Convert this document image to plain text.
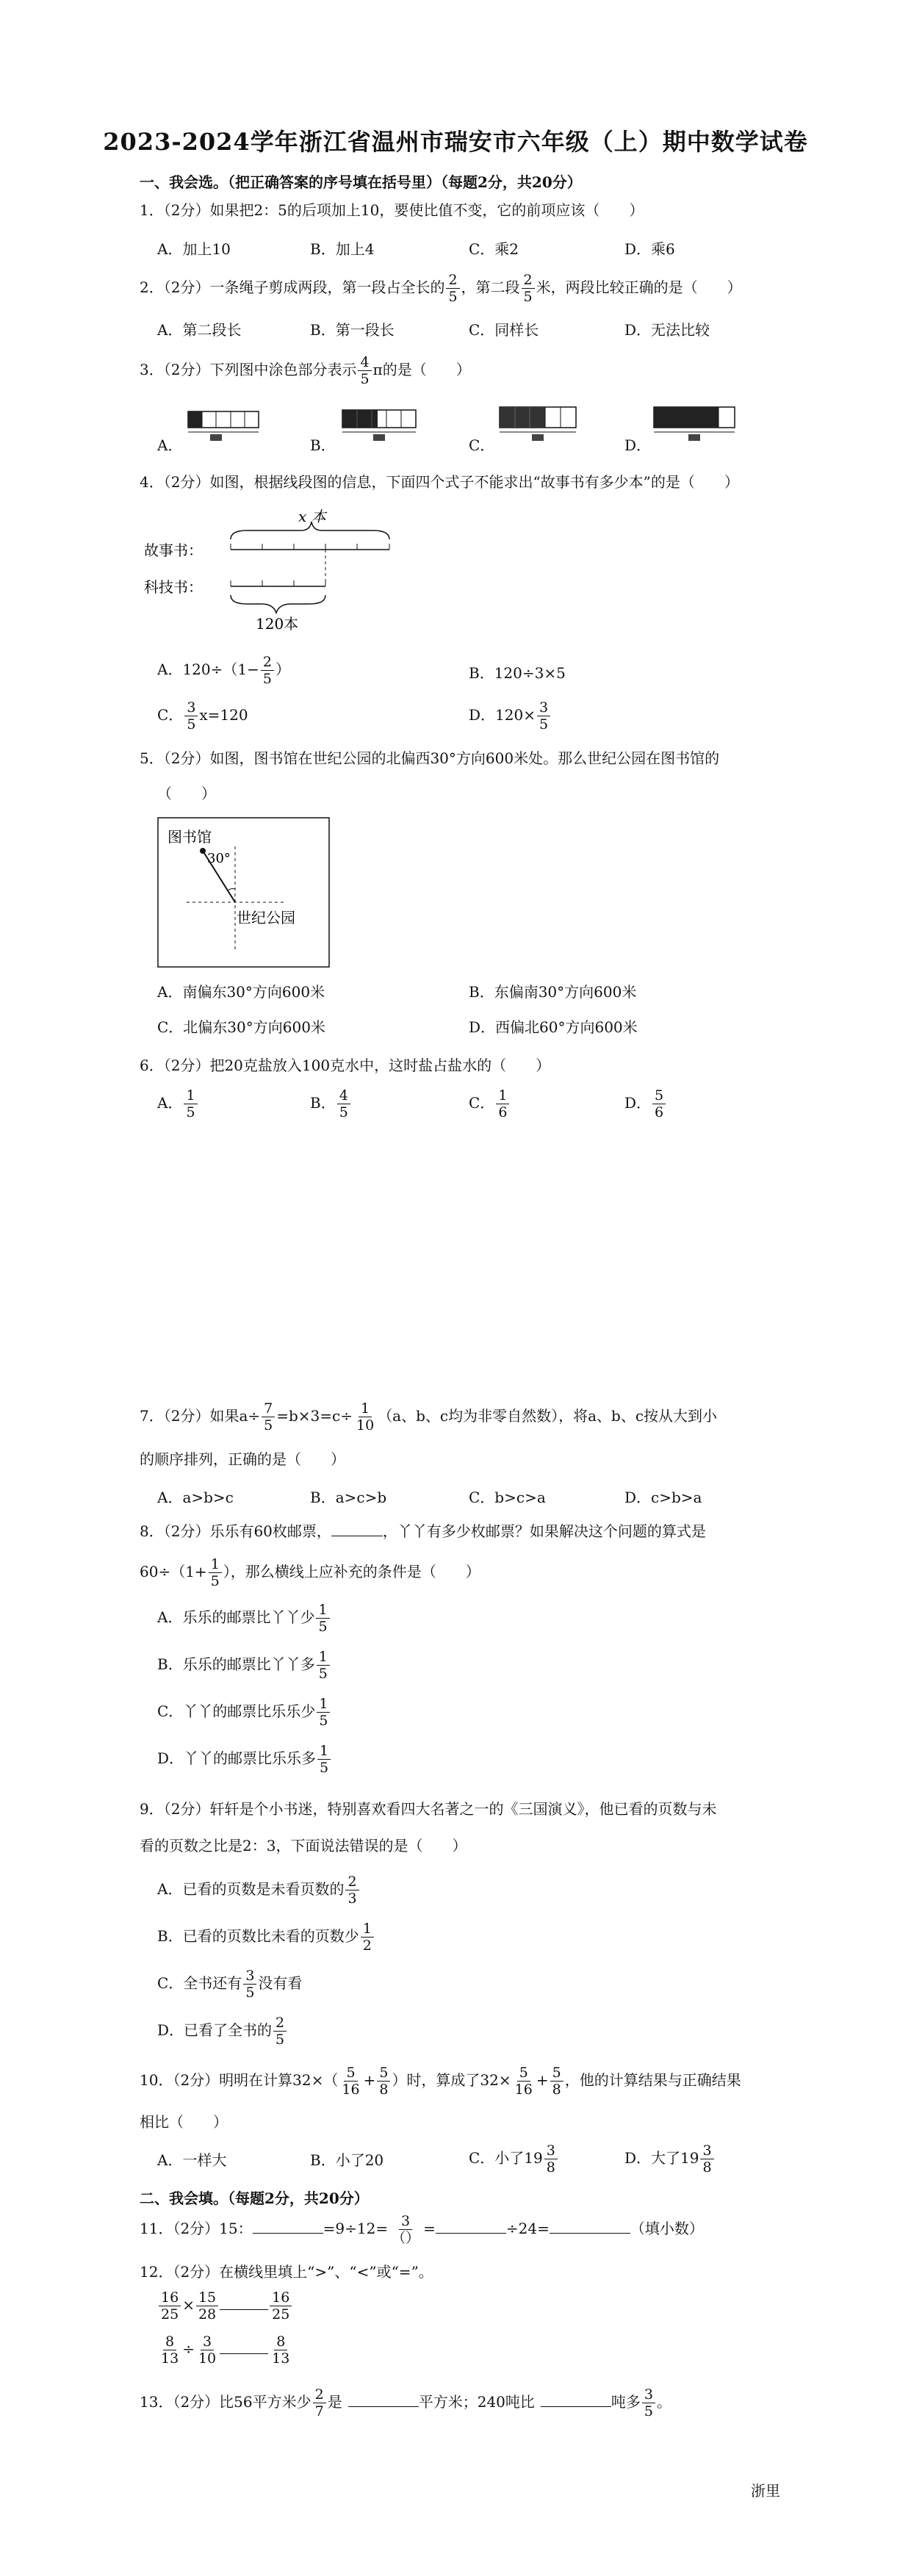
2023-2024学年浙江省温州市瑞安市六年级（上）期中数学试卷
一、我会选。（把正确答案的序号填在括号里）（每题2分，共20分）
1．（2分）如果把2：5的后项加上10，要使比值不变，它的前项应该（　　）
A．加上10	B．加上4	C．乘2	D．乘6
2．（2分）一条绳子剪成两段，第一段占全长的 $\frac{2}{5}$ ，第二段 $\frac{2}{5}$ 米，两段比较正确的是（　　）
A．第二段长	B．第一段长	C．同样长	D．无法比较
3．（2分）下列图中涂色部分表示 $\frac{4}{5}$ π的是（　　）
A．	B．	C．	D．
4．（2分）如图，根据线段图的信息，下面四个式子不能求出“故事书有多少本”的是（　　）
x 本
故事书：
科技书：
120本
A．$120\div(1- \frac{2}{5}$ ）	B．120÷3×5
C． $\frac{3}{5} x=120$	D．$120\times \frac{3}{5}$
5．（2分）如图，图书馆在世纪公园的北偏西30°方向600米处。那么世纪公园在图书馆的
（　　）
图书馆
30°
世纪公园
A．南偏东30°方向600米	B．东偏南30°方向600米
C．北偏东30°方向600米	D．西偏北60°方向600米
6．（2分）把20克盐放入100克水中，这时盐占盐水的（　　）
A． $\frac{1}{5}$	B． $\frac{4}{5}$	C． $\frac{1}{6}$	D． $\frac{5}{6}$
7．（2分）如果$a\div \frac{7}{5} =b\times 3=c\div \frac{1}{10} (a$、b、c均为非零自然数），将a、b、c按从大到小
的顺序排列，正确的是（　　）
A．a>b>c	B．a>c>b	C．b>c>a	D．c>b>a
8．（2分）乐乐有60枚邮票，	，丫丫有多少枚邮票？如果解决这个问题的算式是
$60\div(1+ \frac{1}{5}$ ），那么横线上应补充的条件是（　　）
A．乐乐的邮票比丫丫少 $\frac{1}{5}$
B．乐乐的邮票比丫丫多 $\frac{1}{5}$
C．丫丫的邮票比乐乐少 $\frac{1}{5}$
D．丫丫的邮票比乐乐多 $\frac{1}{5}$
9．（2分）轩轩是个小书迷，特别喜欢看四大名著之一的《三国演义》，他已看的页数与未
看的页数之比是2：3，下面说法错误的是（　　）
A．已看的页数是未看页数的 $\frac{2}{3}$
B．已看的页数比未看的页数少 $\frac{1}{2}$
C．全书还有 $\frac{3}{5}$ 没有看
D．已看了全书的 $\frac{2}{5}$
10．（2分）明明在计算$32\times( \frac{5}{16} + \frac{5}{8}$ ）时，算成了$32\times \frac{5}{16} + \frac{5}{8}$ ，他的计算结果与正确结果
相比（　　）
A．一样大	B．小了20	C．小了$19 \frac{3}{8}$	D．大了$19 \frac{3}{8}$
二、我会填。（每题2分，共20分）
11．（2分）15：	$=9\div 12= \frac{3}{()}$ =	÷24=	（填小数）
12．（2分）在横线里填上“>”、“<”或“=”。
$\frac{16}{25} \times \frac{15}{28}$	$\frac{16}{25}$
$\frac{8}{13} \div \frac{3}{10}$	$\frac{8}{13}$
13．（2分）比56平方米少 $\frac{2}{7}$ 是	平方米；240吨比	吨多 $\frac{3}{5}$ 。
浙里
